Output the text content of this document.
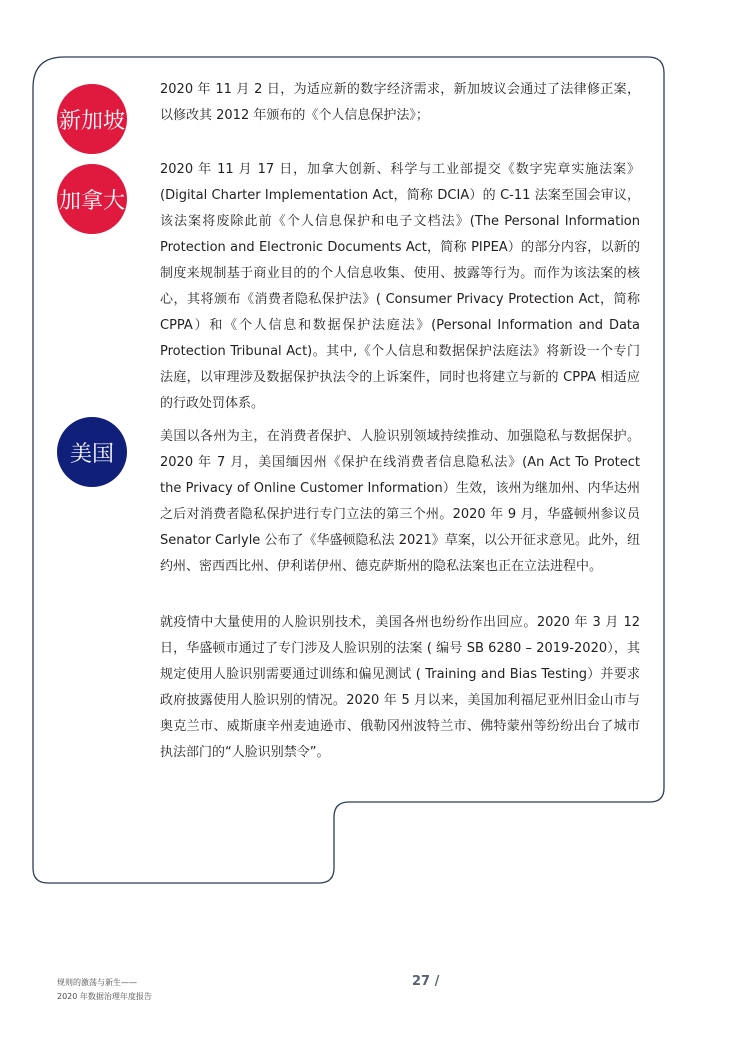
新加坡
加拿大
美国
2020 年 11 月 2 日，为适应新的数字经济需求，新加坡议会通过了法律修正案，以修改其 2012 年颁布的《个人信息保护法》；
2020 年 11 月 17 日，加拿大创新、科学与工业部提交《数字宪章实施法案》(Digital Charter Implementation Act，简称 DCIA）的 C-11 法案至国会审议，该法案将废除此前《个人信息保护和电子文档法》(The Personal Information Protection and Electronic Documents Act，简称 PIPEA）的部分内容，以新的制度来规制基于商业目的的个人信息收集、使用、披露等行为。而作为该法案的核心，其将颁布《消费者隐私保护法》( Consumer Privacy Protection Act，简称 CPPA）和《个人信息和数据保护法庭法》(Personal Information and Data Protection Tribunal Act)。其中,《个人信息和数据保护法庭法》将新设一个专门法庭，以审理涉及数据保护执法令的上诉案件，同时也将建立与新的 CPPA 相适应的行政处罚体系。
美国以各州为主，在消费者保护、人脸识别领域持续推动、加强隐私与数据保护。2020 年 7 月，美国缅因州《保护在线消费者信息隐私法》(An Act To Protect the Privacy of Online Customer Information）生效，该州为继加州、内华达州之后对消费者隐私保护进行专门立法的第三个州。2020 年 9 月，华盛顿州参议员 Senator Carlyle 公布了《华盛顿隐私法 2021》草案，以公开征求意见。此外，纽约州、密西西比州、伊利诺伊州、德克萨斯州的隐私法案也正在立法进程中。
就疫情中大量使用的人脸识别技术，美国各州也纷纷作出回应。2020 年 3 月 12 日，华盛顿市通过了专门涉及人脸识别的法案 ( 编号 SB 6280 – 2019-2020），其规定使用人脸识别需要通过训练和偏见测试 ( Training and Bias Testing）并要求政府披露使用人脸识别的情况。2020 年 5 月以来，美国加利福尼亚州旧金山市与奥克兰市、威斯康辛州麦迪逊市、俄勒冈州波特兰市、佛特蒙州等纷纷出台了城市执法部门的“人脸识别禁令”。
规则的激荡与新生——
2020 年数据治理年度报告
27 /
